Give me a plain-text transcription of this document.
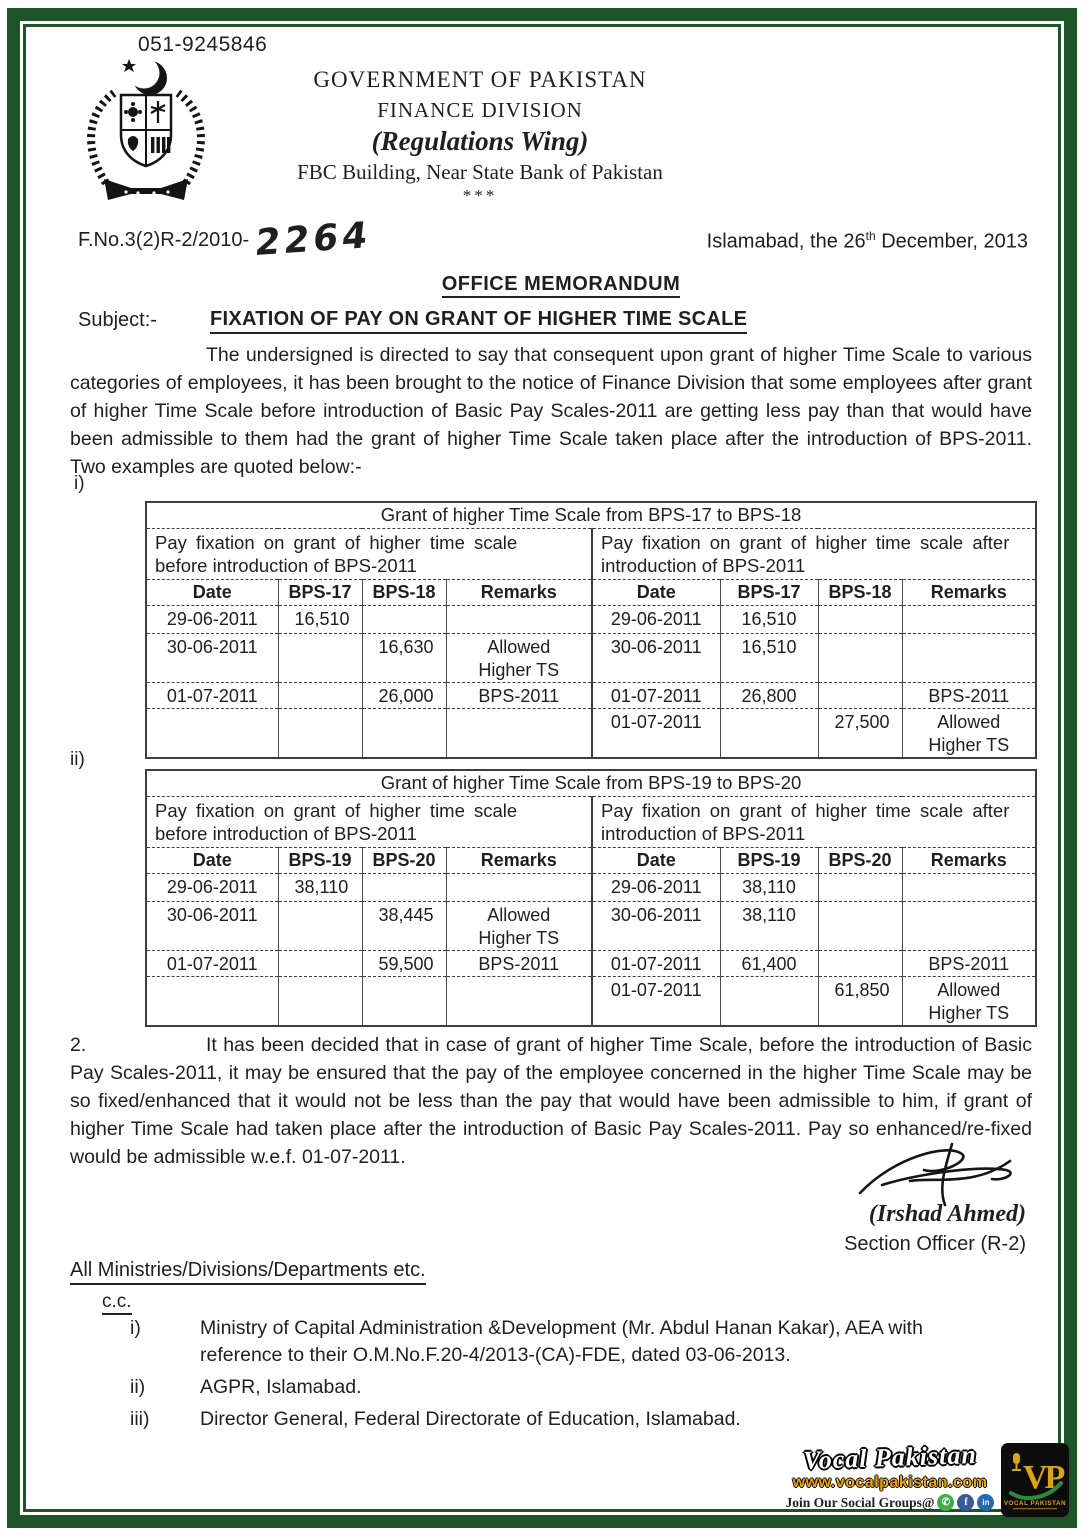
051-9245846
GOVERNMENT OF PAKISTAN
FINANCE DIVISION
(Regulations Wing)
FBC Building, Near State Bank of Pakistan
***
F.No.3(2)R-2/2010- 2264	Islamabad, the 26th December, 2013
OFFICE MEMORANDUM
Subject:-	FIXATION OF PAY ON GRANT OF HIGHER TIME SCALE

The undersigned is directed to say that consequent upon grant of higher Time Scale to various categories of employees, it has been brought to the notice of Finance Division that some employees after grant of higher Time Scale before introduction of Basic Pay Scales-2011 are getting less pay than that would have been admissible to them had the grant of higher Time Scale taken place after the introduction of BPS-2011. Two examples are quoted below:-

i)
Grant of higher Time Scale from BPS-17 to BPS-18							

Pay fixation on grant of higher time scale
before introduction of BPS-2011				Pay fixation on grant of higher time scale after
introduction of BPS-2011			

Date	BPS-17	BPS-18	Remarks	Date	BPS-17	BPS-18	Remarks
29-06-2011	16,510			29-06-2011	16,510		
30-06-2011		16,630	Allowed Higher TS	30-06-2011	16,510		
01-07-2011		26,000	BPS-2011	01-07-2011	26,800		BPS-2011
				01-07-2011		27,500	Allowed Higher TS
ii)
Grant of higher Time Scale from BPS-19 to BPS-20							

Pay fixation on grant of higher time scale
before introduction of BPS-2011				Pay fixation on grant of higher time scale after
introduction of BPS-2011			

Date	BPS-19	BPS-20	Remarks	Date	BPS-19	BPS-20	Remarks
29-06-2011	38,110			29-06-2011	38,110		
30-06-2011		38,445	Allowed Higher TS	30-06-2011	38,110		
01-07-2011		59,500	BPS-2011	01-07-2011	61,400		BPS-2011
				01-07-2011		61,850	Allowed Higher TS

2.	It has been decided that in case of grant of higher Time Scale, before the introduction of Basic Pay Scales-2011, it may be ensured that the pay of the employee concerned in the higher Time Scale may be so fixed/enhanced that it would not be less than the pay that would have been admissible to him, if grant of higher Time Scale had taken place after the introduction of Basic Pay Scales-2011. Pay so enhanced/re-fixed would be admissible w.e.f. 01-07-2011.

(Irshad Ahmed)
Section Officer (R-2)
All Ministries/Divisions/Departments etc.
c.c.
i)	Ministry of Capital Administration &Development (Mr. Abdul Hanan Kakar), AEA with reference to their O.M.No.F.20-4/2013-(CA)-FDE, dated 03-06-2013.
ii)	AGPR, Islamabad.
iii)	Director General, Federal Directorate of Education, Islamabad.
Vocal Pakistan
www.vocalpakistan.com
Join Our Social Groups@ ✆	f	in
VP
VOCAL PAKISTAN
